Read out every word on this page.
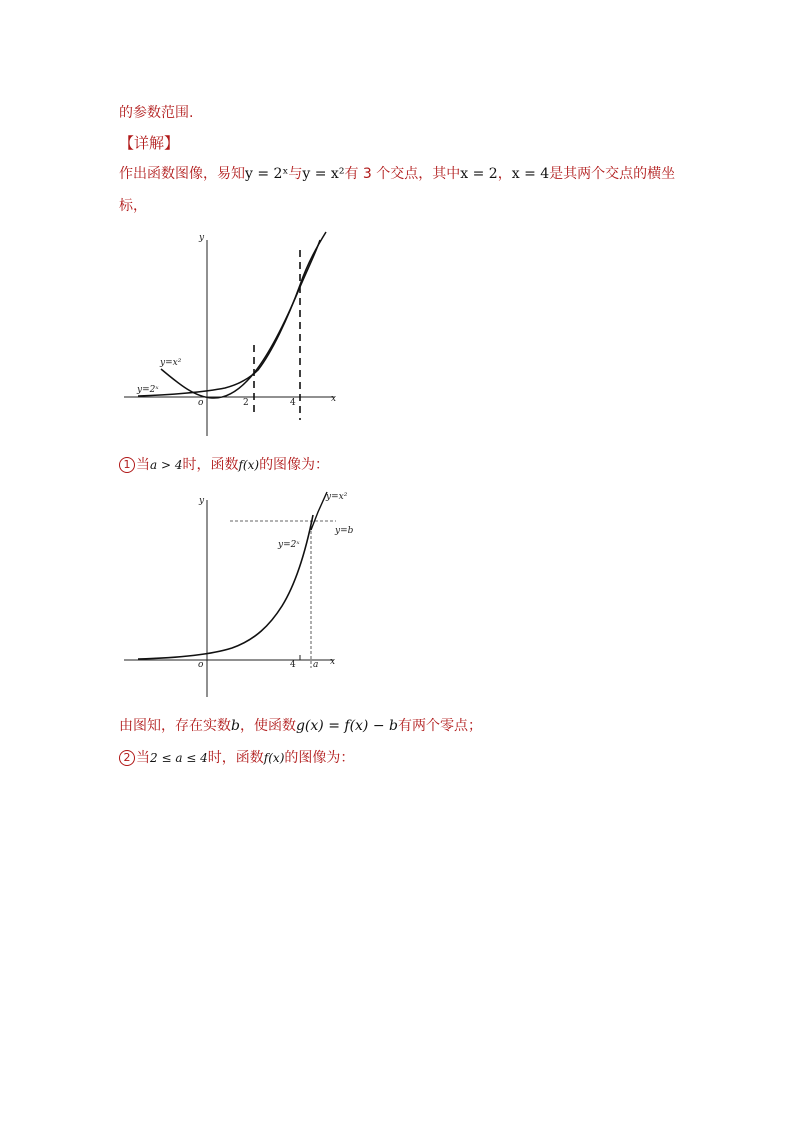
的参数范围.
【详解】
作出函数图像，易知y = 2ˣ与y = x²有 3 个交点，其中x = 2，x = 4是其两个交点的横坐
标，
1 当a > 4时，函数f(x)的图像为：
由图知，存在实数b，使函数g(x) = f(x) − b有两个零点；
2 当2 ≤ a ≤ 4时，函数f(x)的图像为：
y
x
o	2	4
y=x²
y=2ˣ
y
x
o	4 a
y=x²
y=b
y=2ˣ
